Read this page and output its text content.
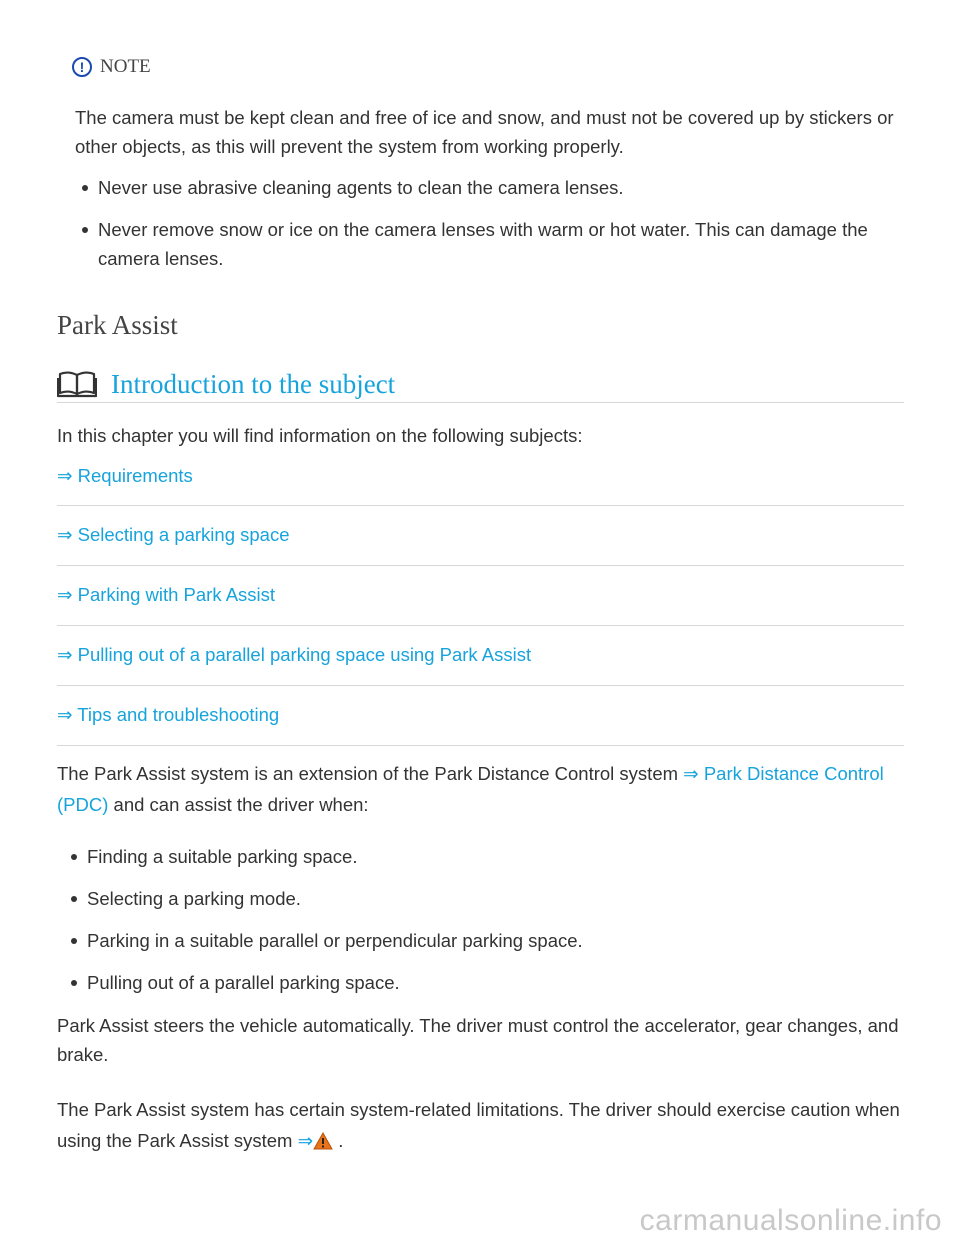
! NOTE

The camera must be kept clean and free of ice and snow, and must not be covered up by stickers or other objects, as this will prevent the system from working properly.

Never use abrasive cleaning agents to clean the camera lenses.
Never remove snow or ice on the camera lenses with warm or hot water. This can damage the camera lenses.
Park Assist
Introduction to the subject

In this chapter you will find information on the following subjects:

⇒ Requirements
⇒ Selecting a parking space
⇒ Parking with Park Assist
⇒ Pulling out of a parallel parking space using Park Assist
⇒ Tips and troubleshooting

The Park Assist system is an extension of the Park Distance Control system ⇒ Park Distance Control (PDC) and can assist the driver when:

Finding a suitable parking space.
Selecting a parking mode.
Parking in a suitable parallel or perpendicular parking space.
Pulling out of a parallel parking space.

Park Assist steers the vehicle automatically. The driver must control the accelerator, gear changes, and brake.

The Park Assist system has certain system-related limitations. The driver should exercise caution when using the Park Assist system ⇒ .

carmanualsonline.info
